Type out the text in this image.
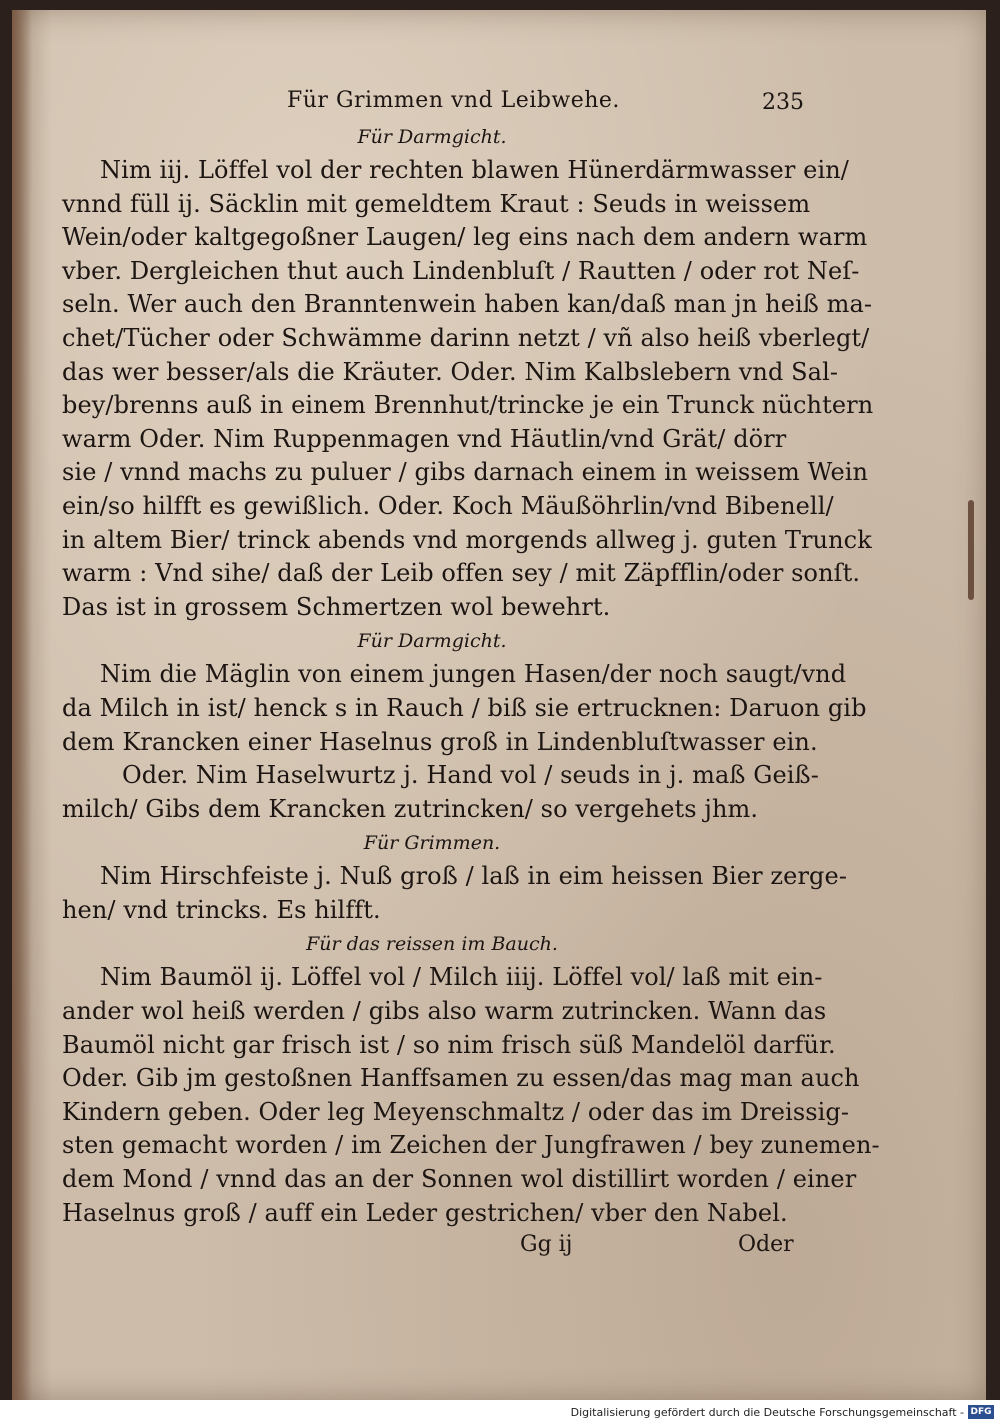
Für Grimmen vnd Leibwehe.	235
Für Darmgicht.
Nim iij. Löffel vol der rechten blawen Hünerdärmwasser ein/
vnnd füll ij. Säcklin mit gemeldtem Kraut : Seuds in weissem
Wein/oder kaltgegoßner Laugen/ leg eins nach dem andern warm
vber. Dergleichen thut auch Lindenbluſt / Rautten / oder rot Neſ-
seln. Wer auch den Branntenwein haben kan/daß man jn heiß ma-
chet/Tücher oder Schwämme darinn netzt / vñ also heiß vberlegt/
das wer besser/als die Kräuter. Oder. Nim Kalbslebern vnd Sal-
bey/brenns auß in einem Brennhut/trincke je ein Trunck nüchtern
warm Oder. Nim Ruppenmagen vnd Häutlin/vnd Grät/ dörr
sie / vnnd machs zu puluer / gibs darnach einem in weissem Wein
ein/so hilfft es gewißlich. Oder. Koch Mäußöhrlin/vnd Bibenell/
in altem Bier/ trinck abends vnd morgends allweg j. guten Trunck
warm : Vnd sihe/ daß der Leib offen sey / mit Zäpfflin/oder sonſt.
Das ist in grossem Schmertzen wol bewehrt.
Für Darmgicht.
Nim die Mäglin von einem jungen Hasen/der noch saugt/vnd
da Milch in ist/ henck s in Rauch / biß sie ertrucknen: Daruon gib
dem Krancken einer Haselnus groß in Lindenbluſtwasser ein.
Oder. Nim Haselwurtz j. Hand vol / seuds in j. maß Geiß-
milch/ Gibs dem Krancken zutrincken/ so vergehets jhm.
Für Grimmen.
Nim Hirschfeiste j. Nuß groß / laß in eim heissen Bier zerge-
hen/ vnd trincks. Es hilfft.
Für das reissen im Bauch.
Nim Baumöl ij. Löffel vol / Milch iiij. Löffel vol/ laß mit ein-
ander wol heiß werden / gibs also warm zutrincken. Wann das
Baumöl nicht gar frisch ist / so nim frisch süß Mandelöl darfür.
Oder. Gib jm gestoßnen Hanffsamen zu essen/das mag man auch
Kindern geben. Oder leg Meyenschmaltz / oder das im Dreissig-
sten gemacht worden / im Zeichen der Jungfrawen / bey zunemen-
dem Mond / vnnd das an der Sonnen wol distillirt worden / einer
Haselnus groß / auff ein Leder gestrichen/ vber den Nabel.
Gg ij	Oder
Digitalisierung gefördert durch die Deutsche Forschungsgemeinschaft - DFG
